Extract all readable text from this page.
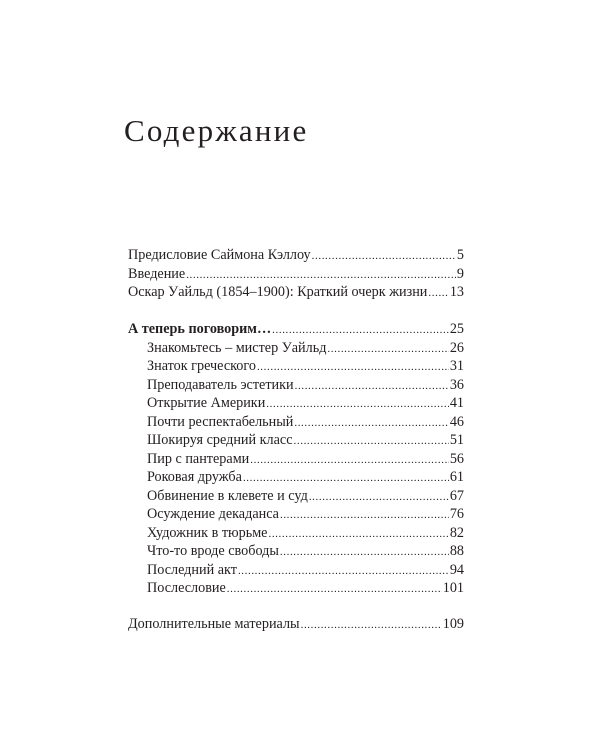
Содержание
Предисловие Саймона Кэллоу .....	5
Введение .....	9
Оскар Уайльд (1854–1900): Краткий очерк жизни ..... 13
А теперь поговорим… .....	25
Знакомьтесь – мистер Уайльд .....	26
Знаток греческого .....	31
Преподаватель эстетики .....	36
Открытие Америки .....	41
Почти респектабельный .....	46
Шокируя средний класс .....	51
Пир с пантерами .....	56
Роковая дружба .....	61
Обвинение в клевете и суд .....	67
Осуждение декаданса .....	76
Художник в тюрьме .....	82
Что-то вроде свободы .....	88
Последний акт .....	94
Послесловие .....	101
Дополнительные материалы .....	109
